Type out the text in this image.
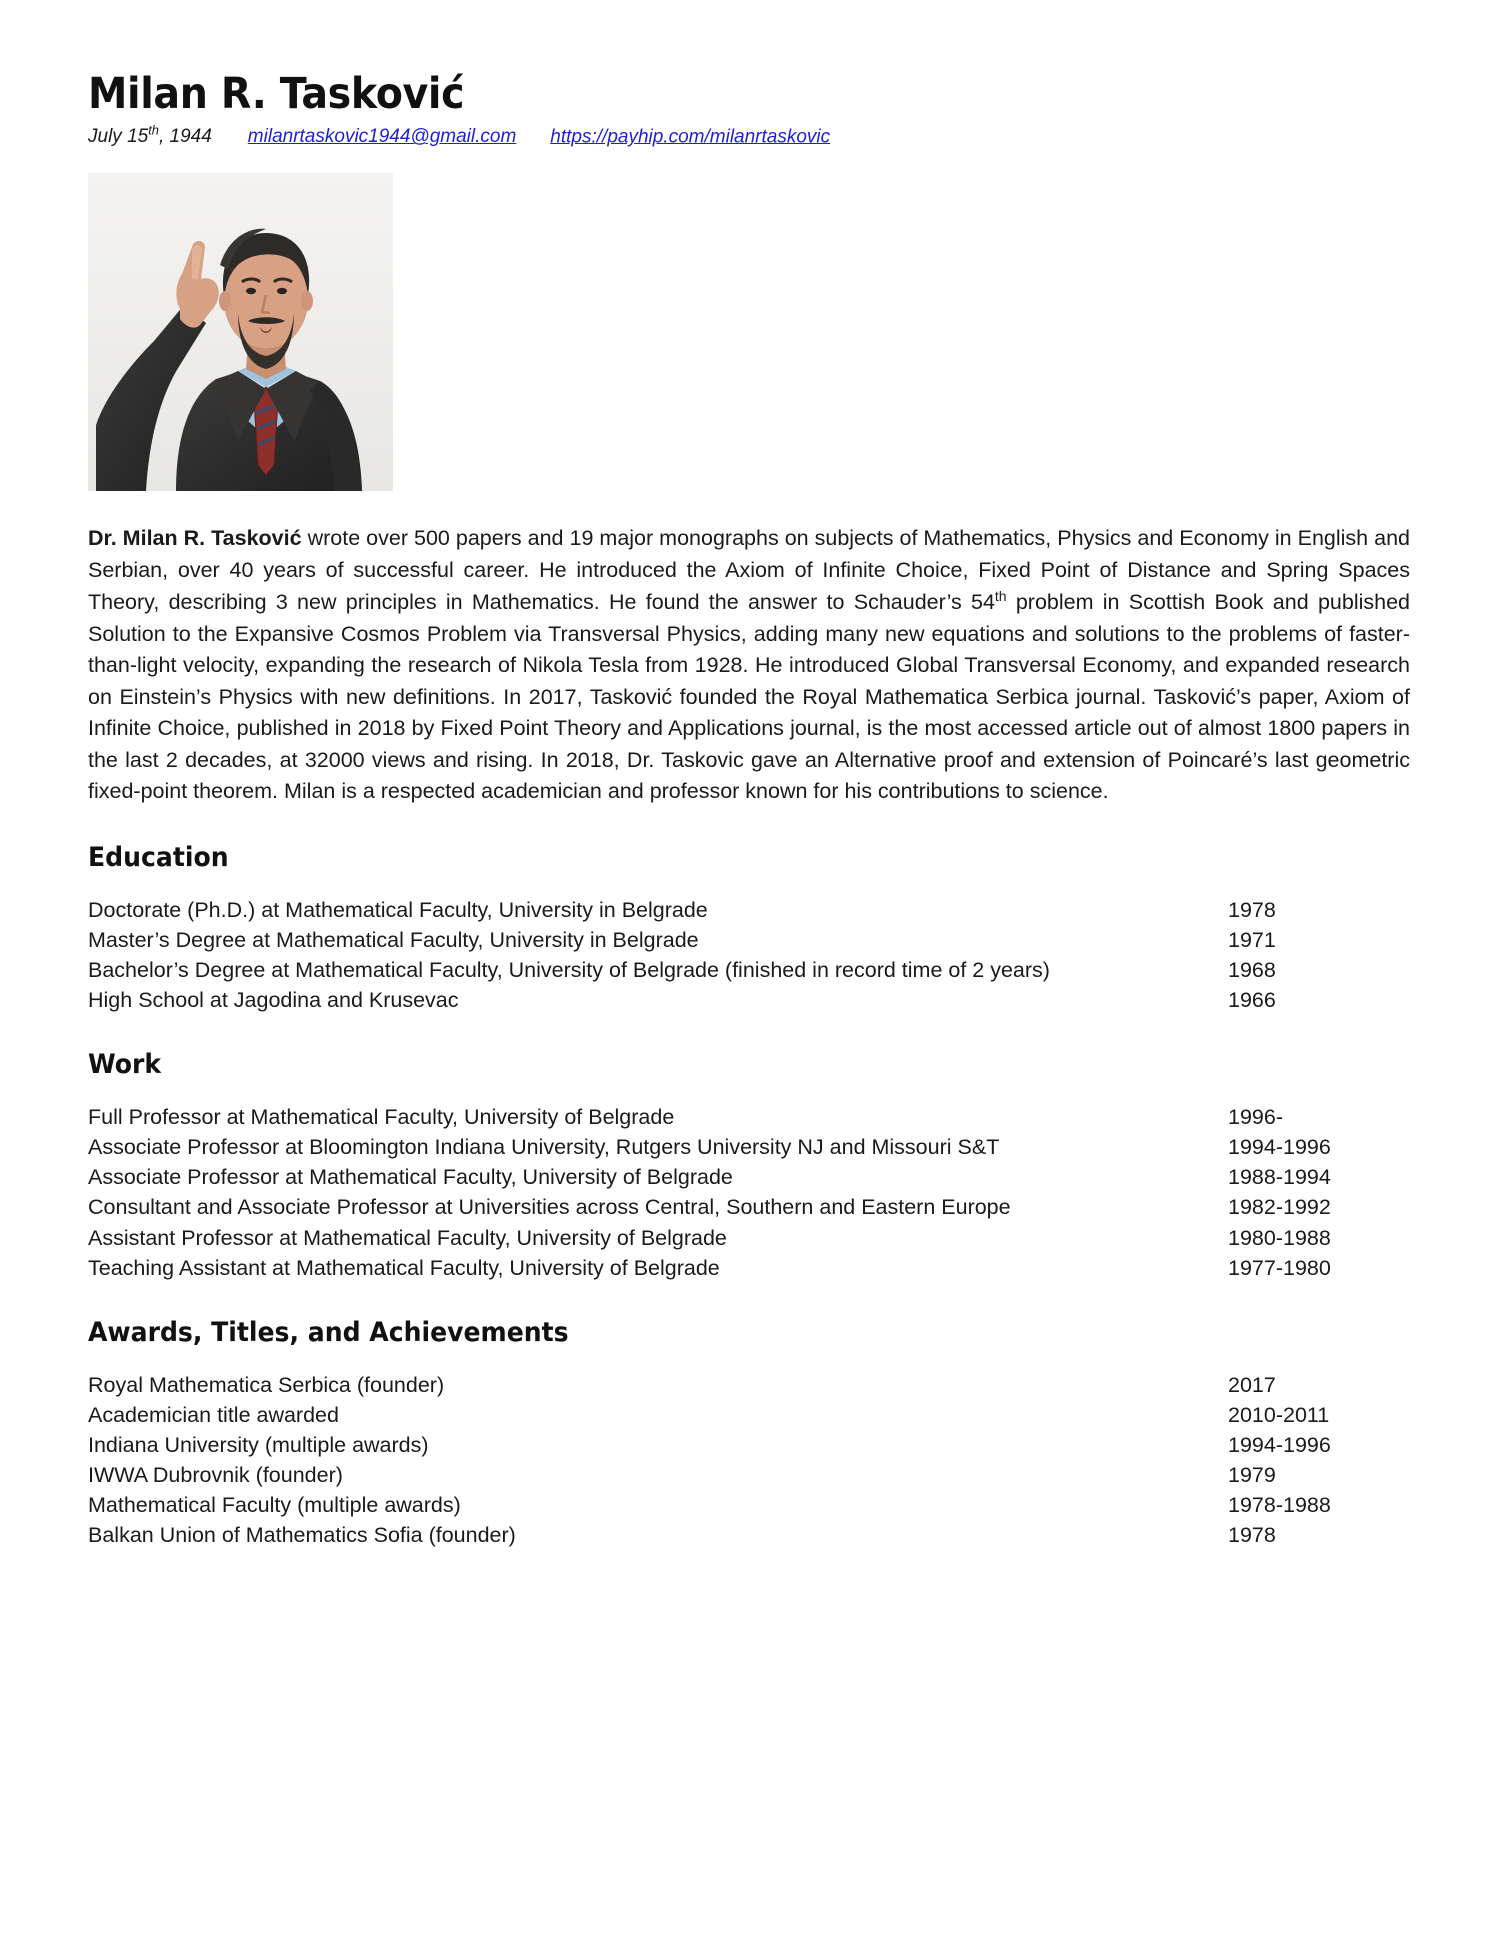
Milan R. Tasković
July 15th, 1944 milanrtaskovic1944@gmail.com https://payhip.com/milanrtaskovic

Dr. Milan R. Tasković wrote over 500 papers and 19 major monographs on subjects of Mathematics, Physics and Economy in English and Serbian, over 40 years of successful career. He introduced the Axiom of Infinite Choice, Fixed Point of Distance and Spring Spaces Theory, describing 3 new principles in Mathematics. He found the answer to Schauder’s 54th problem in Scottish Book and published Solution to the Expansive Cosmos Problem via Transversal Physics, adding many new equations and solutions to the problems of faster-than-light velocity, expanding the research of Nikola Tesla from 1928. He introduced Global Transversal Economy, and expanded research on Einstein’s Physics with new definitions. In 2017, Tasković founded the Royal Mathematica Serbica journal. Tasković’s paper, Axiom of Infinite Choice, published in 2018 by Fixed Point Theory and Applications journal, is the most accessed article out of almost 1800 papers in the last 2 decades, at 32000 views and rising. In 2018, Dr. Taskovic gave an Alternative proof and extension of Poincaré’s last geometric fixed-point theorem. Milan is a respected academician and professor known for his contributions to science.

Education
Doctorate (Ph.D.) at Mathematical Faculty, University in Belgrade	1978
Master’s Degree at Mathematical Faculty, University in Belgrade	1971
Bachelor’s Degree at Mathematical Faculty, University of Belgrade (finished in record time of 2 years)	1968
High School at Jagodina and Krusevac	1966
Work
Full Professor at Mathematical Faculty, University of Belgrade	1996-
Associate Professor at Bloomington Indiana University, Rutgers University NJ and Missouri S&T	1994-1996
Associate Professor at Mathematical Faculty, University of Belgrade	1988-1994
Consultant and Associate Professor at Universities across Central, Southern and Eastern Europe	1982-1992
Assistant Professor at Mathematical Faculty, University of Belgrade	1980-1988
Teaching Assistant at Mathematical Faculty, University of Belgrade	1977-1980
Awards, Titles, and Achievements
Royal Mathematica Serbica (founder)	2017
Academician title awarded	2010-2011
Indiana University (multiple awards)	1994-1996
IWWA Dubrovnik (founder)	1979
Mathematical Faculty (multiple awards)	1978-1988
Balkan Union of Mathematics Sofia (founder)	1978
